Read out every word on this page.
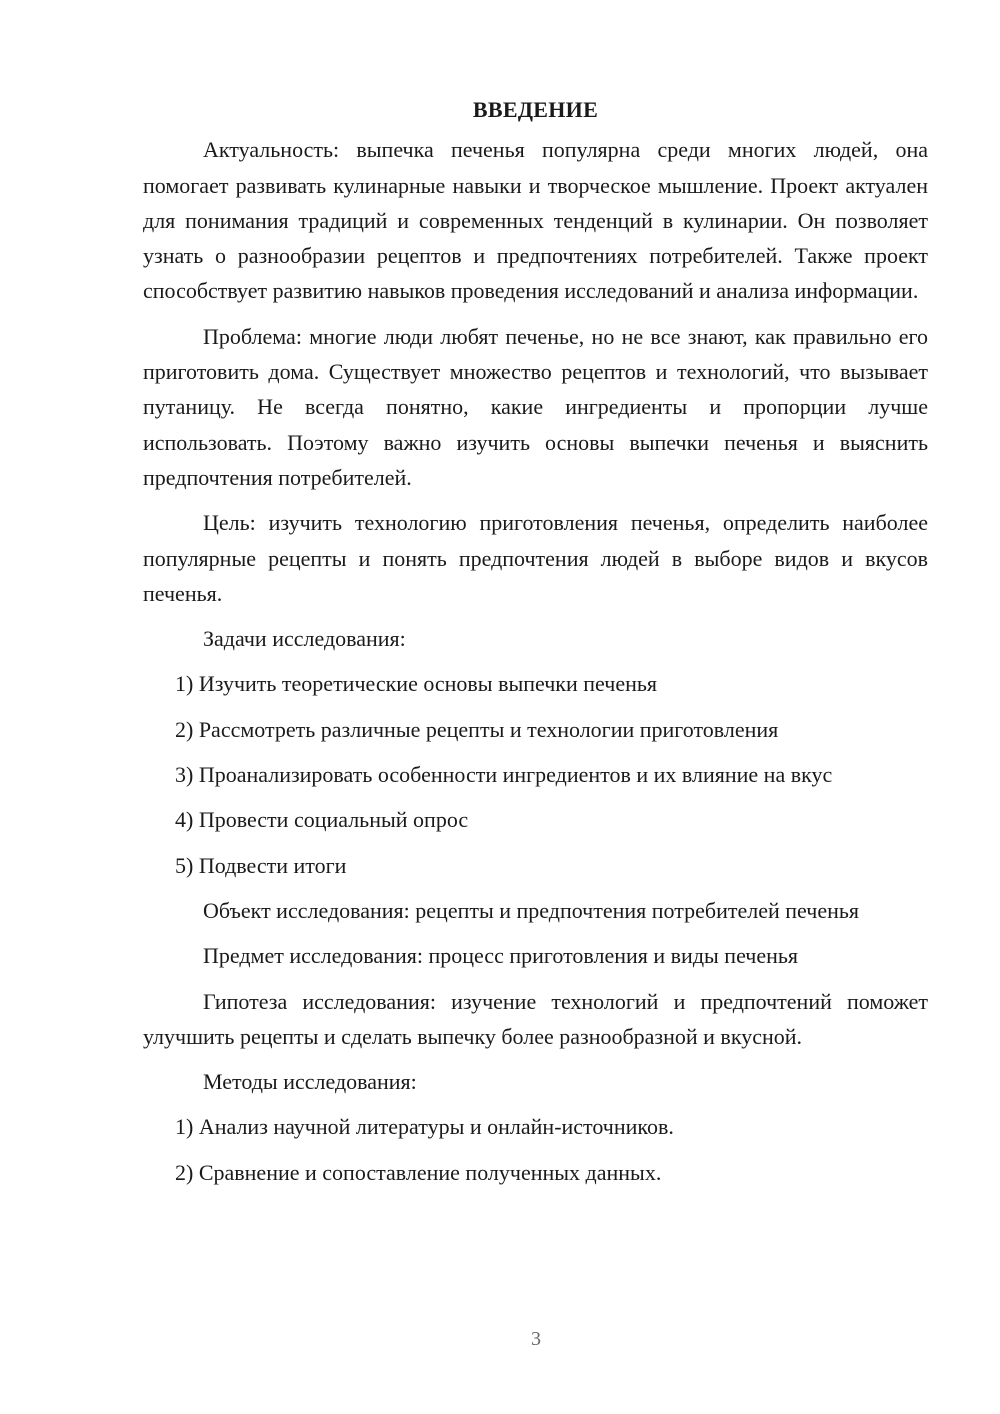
ВВЕДЕНИЕ

Актуальность: выпечка печенья популярна среди многих людей, она помогает развивать кулинарные навыки и творческое мышление. Проект актуален для понимания традиций и современных тенденций в кулинарии. Он позволяет узнать о разнообразии рецептов и предпочтениях потребителей. Также проект способствует развитию навыков проведения исследований и анализа информации.

Проблема: многие люди любят печенье, но не все знают, как правильно его приготовить дома. Существует множество рецептов и технологий, что вызывает путаницу. Не всегда понятно, какие ингредиенты и пропорции лучше использовать. Поэтому важно изучить основы выпечки печенья и выяснить предпочтения потребителей.

Цель: изучить технологию приготовления печенья, определить наиболее популярные рецепты и понять предпочтения людей в выборе видов и вкусов печенья.

Задачи исследования:
1) Изучить теоретические основы выпечки печенья
2) Рассмотреть различные рецепты и технологии приготовления
3) Проанализировать особенности ингредиентов и их влияние на вкус
4) Провести социальный опрос
5) Подвести итоги

Объект исследования: рецепты и предпочтения потребителей печенья

Предмет исследования: процесс приготовления и виды печенья

Гипотеза исследования: изучение технологий и предпочтений поможет улучшить рецепты и сделать выпечку более разнообразной и вкусной.

Методы исследования:
1) Анализ научной литературы и онлайн-источников.
2) Сравнение и сопоставление полученных данных.
3
